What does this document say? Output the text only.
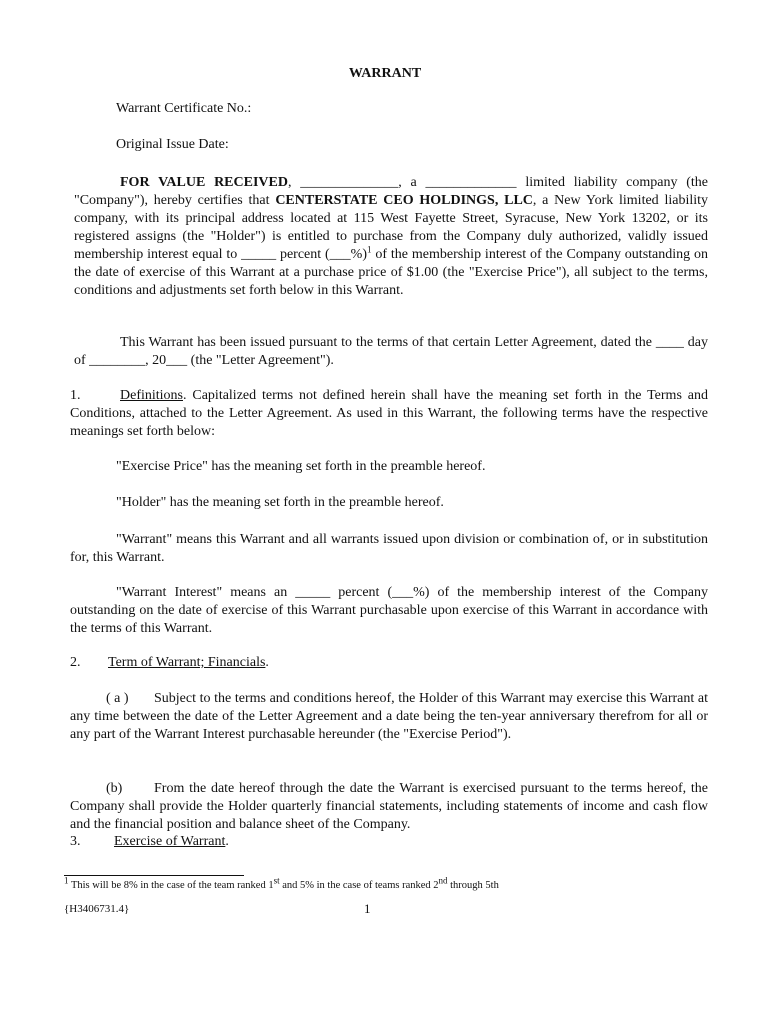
WARRANT
Warrant Certificate No.:
Original Issue Date:
FOR VALUE RECEIVED, ______________, a _____________ limited liability company (the "Company"), hereby certifies that CENTERSTATE CEO HOLDINGS, LLC, a New York limited liability company, with its principal address located at 115 West Fayette Street, Syracuse, New York 13202, or its registered assigns (the "Holder") is entitled to purchase from the Company duly authorized, validly issued membership interest equal to _____ percent (___%)$^1$ of the membership interest of the Company outstanding on the date of exercise of this Warrant at a purchase price of $1.00 (the "Exercise Price"), all subject to the terms, conditions and adjustments set forth below in this Warrant.
This Warrant has been issued pursuant to the terms of that certain Letter Agreement, dated the ____ day of ________, 20___ (the "Letter Agreement").
1.	Definitions. Capitalized terms not defined herein shall have the meaning set forth in the Terms and Conditions, attached to the Letter Agreement. As used in this Warrant, the following terms have the respective meanings set forth below:
"Exercise Price" has the meaning set forth in the preamble hereof.
"Holder" has the meaning set forth in the preamble hereof.
"Warrant" means this Warrant and all warrants issued upon division or combination of, or in substitution for, this Warrant.
"Warrant Interest" means an _____ percent (___%) of the membership interest of the Company outstanding on the date of exercise of this Warrant purchasable upon exercise of this Warrant in accordance with the terms of this Warrant.
2. Term of Warrant; Financials.
( a ) Subject to the terms and conditions hereof, the Holder of this Warrant may exercise this Warrant at any time between the date of the Letter Agreement and a date being the ten-year anniversary therefrom for all or any part of the Warrant Interest purchasable hereunder (the "Exercise Period").
(b) From the date hereof through the date the Warrant is exercised pursuant to the terms hereof, the Company shall provide the Holder quarterly financial statements, including statements of income and cash flow and the financial position and balance sheet of the Company.
3. Exercise of Warrant.
$^1$ This will be 8% in the case of the team ranked 1st and 5% in the case of teams ranked 2nd through 5th
{H3406731.4}	1
